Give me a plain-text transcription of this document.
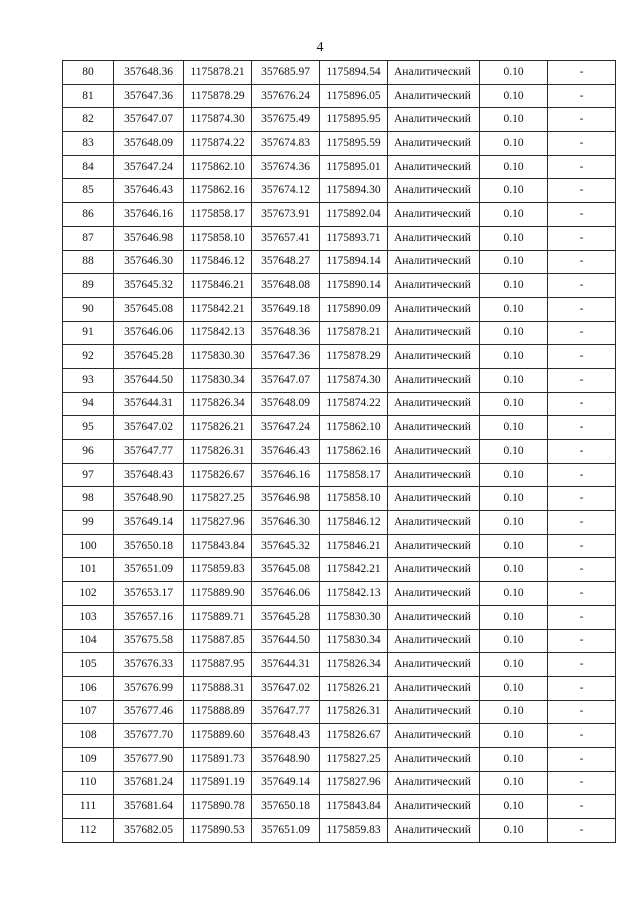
4
80	357648.36	1175878.21	357685.97	1175894.54	Аналитический	0.10	-
81	357647.36	1175878.29	357676.24	1175896.05	Аналитический	0.10	-
82	357647.07	1175874.30	357675.49	1175895.95	Аналитический	0.10	-
83	357648.09	1175874.22	357674.83	1175895.59	Аналитический	0.10	-
84	357647.24	1175862.10	357674.36	1175895.01	Аналитический	0.10	-
85	357646.43	1175862.16	357674.12	1175894.30	Аналитический	0.10	-
86	357646.16	1175858.17	357673.91	1175892.04	Аналитический	0.10	-
87	357646.98	1175858.10	357657.41	1175893.71	Аналитический	0.10	-
88	357646.30	1175846.12	357648.27	1175894.14	Аналитический	0.10	-
89	357645.32	1175846.21	357648.08	1175890.14	Аналитический	0.10	-
90	357645.08	1175842.21	357649.18	1175890.09	Аналитический	0.10	-
91	357646.06	1175842.13	357648.36	1175878.21	Аналитический	0.10	-
92	357645.28	1175830.30	357647.36	1175878.29	Аналитический	0.10	-
93	357644.50	1175830.34	357647.07	1175874.30	Аналитический	0.10	-
94	357644.31	1175826.34	357648.09	1175874.22	Аналитический	0.10	-
95	357647.02	1175826.21	357647.24	1175862.10	Аналитический	0.10	-
96	357647.77	1175826.31	357646.43	1175862.16	Аналитический	0.10	-
97	357648.43	1175826.67	357646.16	1175858.17	Аналитический	0.10	-
98	357648.90	1175827.25	357646.98	1175858.10	Аналитический	0.10	-
99	357649.14	1175827.96	357646.30	1175846.12	Аналитический	0.10	-
100	357650.18	1175843.84	357645.32	1175846.21	Аналитический	0.10	-
101	357651.09	1175859.83	357645.08	1175842.21	Аналитический	0.10	-
102	357653.17	1175889.90	357646.06	1175842.13	Аналитический	0.10	-
103	357657.16	1175889.71	357645.28	1175830.30	Аналитический	0.10	-
104	357675.58	1175887.85	357644.50	1175830.34	Аналитический	0.10	-
105	357676.33	1175887.95	357644.31	1175826.34	Аналитический	0.10	-
106	357676.99	1175888.31	357647.02	1175826.21	Аналитический	0.10	-
107	357677.46	1175888.89	357647.77	1175826.31	Аналитический	0.10	-
108	357677.70	1175889.60	357648.43	1175826.67	Аналитический	0.10	-
109	357677.90	1175891.73	357648.90	1175827.25	Аналитический	0.10	-
110	357681.24	1175891.19	357649.14	1175827.96	Аналитический	0.10	-
111	357681.64	1175890.78	357650.18	1175843.84	Аналитический	0.10	-
112	357682.05	1175890.53	357651.09	1175859.83	Аналитический	0.10	-
